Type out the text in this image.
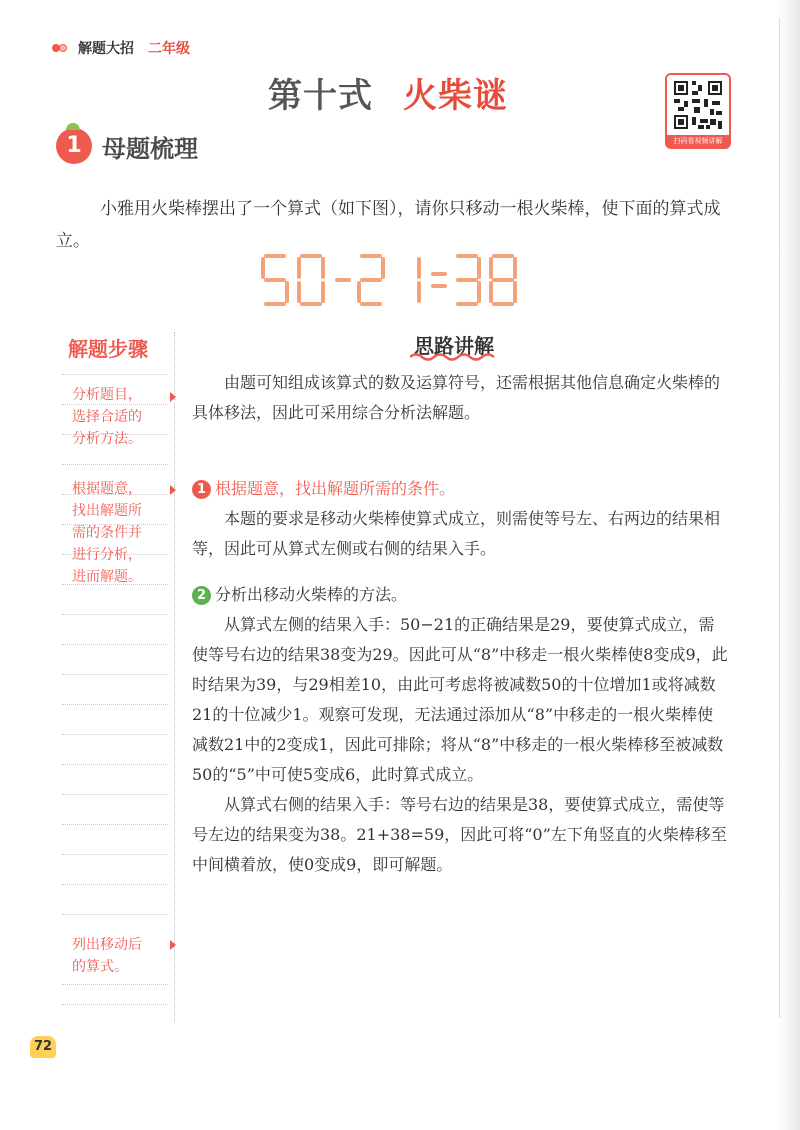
解题大招 二年级
第十式 火柴谜
扫码看视频讲解
1 母题梳理

小雅用火柴棒摆出了一个算式（如下图），请你只移动一根火柴棒，使下面的算式成立。

解题步骤
分析题目，
选择合适的
分析方法。
根据题意，
找出解题所
需的条件并
进行分析，
进而解题。
列出移动后
的算式。
思路讲解

由题可知组成该算式的数及运算符号，还需根据其他信息确定火柴棒的具体移法，因此可采用综合分析法解题。

1 根据题意，找出解题所需的条件。

本题的要求是移动火柴棒使算式成立，则需使等号左、右两边的结果相等，因此可从算式左侧或右侧的结果入手。

2 分析出移动火柴棒的方法。

从算式左侧的结果入手：50−21的正确结果是29，要使算式成立，需使等号右边的结果38变为29。因此可从“8”中移走一根火柴棒使8变成9，此时结果为39，与29相差10，由此可考虑将被减数50的十位增加1或将减数21的十位减少1。观察可发现，无法通过添加从“8”中移走的一根火柴棒使减数21中的2变成1，因此可排除；将从“8”中移走的一根火柴棒移至被减数50的“5”中可使5变成6，此时算式成立。

从算式右侧的结果入手：等号右边的结果是38，要使算式成立，需使等号左边的结果变为38。21+38=59，因此可将“0”左下角竖直的火柴棒移至中间横着放，使0变成9，即可解题。

72
